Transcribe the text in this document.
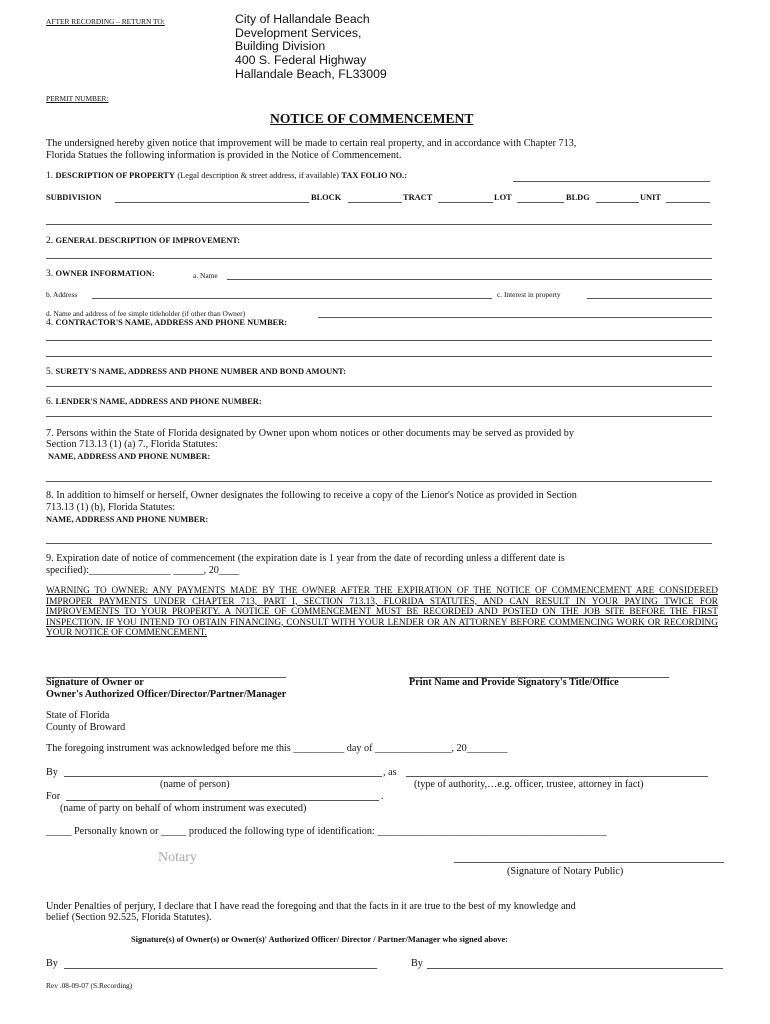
AFTER RECORDING – RETURN TO:	City of Hallandale Beach
Development Services,
Building Division
400 S. Federal Highway
Hallandale Beach, FL33009
PERMIT NUMBER:
NOTICE OF COMMENCEMENT
The undersigned hereby given notice that improvement will be made to certain real property, and in accordance with Chapter 713,
Florida Statues the following information is provided in the Notice of Commencement.
1. DESCRIPTION OF PROPERTY (Legal description & street address, if available) TAX FOLIO NO.:
SUBDIVISION	BLOCK	TRACT	LOT	BLDG	UNIT
2. GENERAL DESCRIPTION OF IMPROVEMENT:
3. OWNER INFORMATION:	a. Name
b. Address	c. Interest in property
d. Name and address of fee simple titleholder (if other than Owner)
4. CONTRACTOR'S NAME, ADDRESS AND PHONE NUMBER:
5. SURETY'S NAME, ADDRESS AND PHONE NUMBER AND BOND AMOUNT:
6. LENDER'S NAME, ADDRESS AND PHONE NUMBER:
7. Persons within the State of Florida designated by Owner upon whom notices or other documents may be served as provided by
Section 713.13 (1) (a) 7., Florida Statutes:
NAME, ADDRESS AND PHONE NUMBER:
8. In addition to himself or herself, Owner designates the following to receive a copy of the Lienor's Notice as provided in Section
713.13 (1) (b), Florida Statutes:
NAME, ADDRESS AND PHONE NUMBER:
9. Expiration date of notice of commencement (the expiration date is 1 year from the date of recording unless a different date is
specified):________________ ______, 20____
WARNING TO OWNER: ANY PAYMENTS MADE BY THE OWNER AFTER THE EXPIRATION OF THE NOTICE OF COMMENCEMENT ARE CONSIDERED IMPROPER PAYMENTS UNDER CHAPTER 713, PART I, SECTION 713.13, FLORIDA STATUTES, AND CAN RESULT IN YOUR PAYING TWICE FOR IMPROVEMENTS TO YOUR PROPERTY. A NOTICE OF COMMENCEMENT MUST BE RECORDED AND POSTED ON THE JOB SITE BEFORE THE FIRST INSPECTION. IF YOU INTEND TO OBTAIN FINANCING, CONSULT WITH YOUR LENDER OR AN ATTORNEY BEFORE COMMENCING WORK OR RECORDING YOUR NOTICE OF COMMENCEMENT.
Signature of Owner or
Owner's Authorized Officer/Director/Partner/Manager
Print Name and Provide Signatory's Title/Office
State of Florida
County of Broward
The foregoing instrument was acknowledged before me this __________ day of _______________, 20________
By	, as
(name of person)	(type of authority,…e.g. officer, trustee, attorney in fact)
For	.
(name of party on behalf of whom instrument was executed)
_____ Personally known or _____ produced the following type of identification: _____________________________________________
Notary
(Signature of Notary Public)
Under Penalties of perjury, I declare that I have read the foregoing and that the facts in it are true to the best of my knowledge and
belief (Section 92.525, Florida Statutes).
Signature(s) of Owner(s) or Owner(s)' Authorized Officer/ Director / Partner/Manager who signed above:
By	By
Rev .08-09-07 (S.Recording)
